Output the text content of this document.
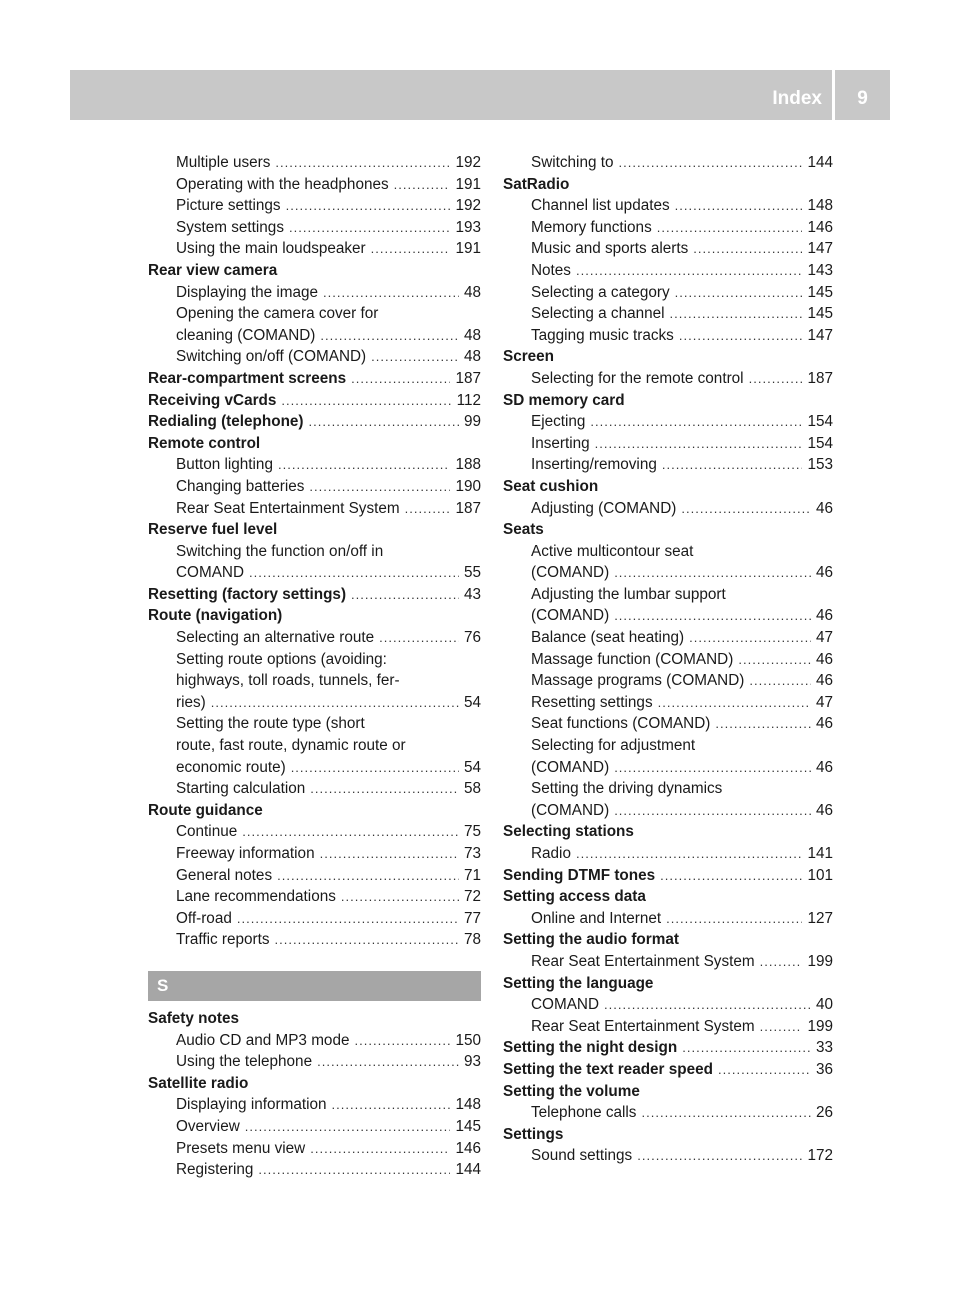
Index	9
Multiple users . . .	192
Operating with the headphones . . .	191
Picture settings . . .	192
System settings . . .	193
Using the main loudspeaker . . .	191
Rear view camera
Displaying the image . . .	48
Opening the camera cover for
cleaning (COMAND) . . .	48
Switching on/off (COMAND) . . .	48
Rear-compartment screens . . .	187
Receiving vCards . . .	112
Redialing (telephone) . . .	99
Remote control
Button lighting . . .	188
Changing batteries . . .	190
Rear Seat Entertainment System . . .	187
Reserve fuel level
Switching the function on/off in
COMAND . . .	55
Resetting (factory settings) . . .	43
Route (navigation)
Selecting an alternative route . . .	76
Setting route options (avoiding:
highways, toll roads, tunnels, fer-
ries) . . .	54
Setting the route type (short
route, fast route, dynamic route or
economic route) . . .	54
Starting calculation . . .	58
Route guidance
Continue . . .	75
Freeway information . . .	73
General notes . . .	71
Lane recommendations . . .	72
Off-road . . .	77
Traffic reports . . .	78
S
Safety notes
Audio CD and MP3 mode . . .	150
Using the telephone . . .	93
Satellite radio
Displaying information . . .	148
Overview . . .	145
Presets menu view . . .	146
Registering . . .	144
Switching to . . .	144
SatRadio
Channel list updates . . .	148
Memory functions . . .	146
Music and sports alerts . . .	147
Notes . . .	143
Selecting a category . . .	145
Selecting a channel . . .	145
Tagging music tracks . . .	147
Screen
Selecting for the remote control . . .	187
SD memory card
Ejecting . . .	154
Inserting . . .	154
Inserting/removing . . .	153
Seat cushion
Adjusting (COMAND) . . .	46
Seats
Active multicontour seat
(COMAND) . . .	46
Adjusting the lumbar support
(COMAND) . . .	46
Balance (seat heating) . . .	47
Massage function (COMAND) . . .	46
Massage programs (COMAND) . . .	46
Resetting settings . . .	47
Seat functions (COMAND) . . .	46
Selecting for adjustment
(COMAND) . . .	46
Setting the driving dynamics
(COMAND) . . .	46
Selecting stations
Radio . . .	141
Sending DTMF tones . . .	101
Setting access data
Online and Internet . . .	127
Setting the audio format
Rear Seat Entertainment System . . .	199
Setting the language
COMAND . . .	40
Rear Seat Entertainment System . . .	199
Setting the night design . . .	33
Setting the text reader speed . . .	36
Setting the volume
Telephone calls . . .	26
Settings
Sound settings . . .	172
